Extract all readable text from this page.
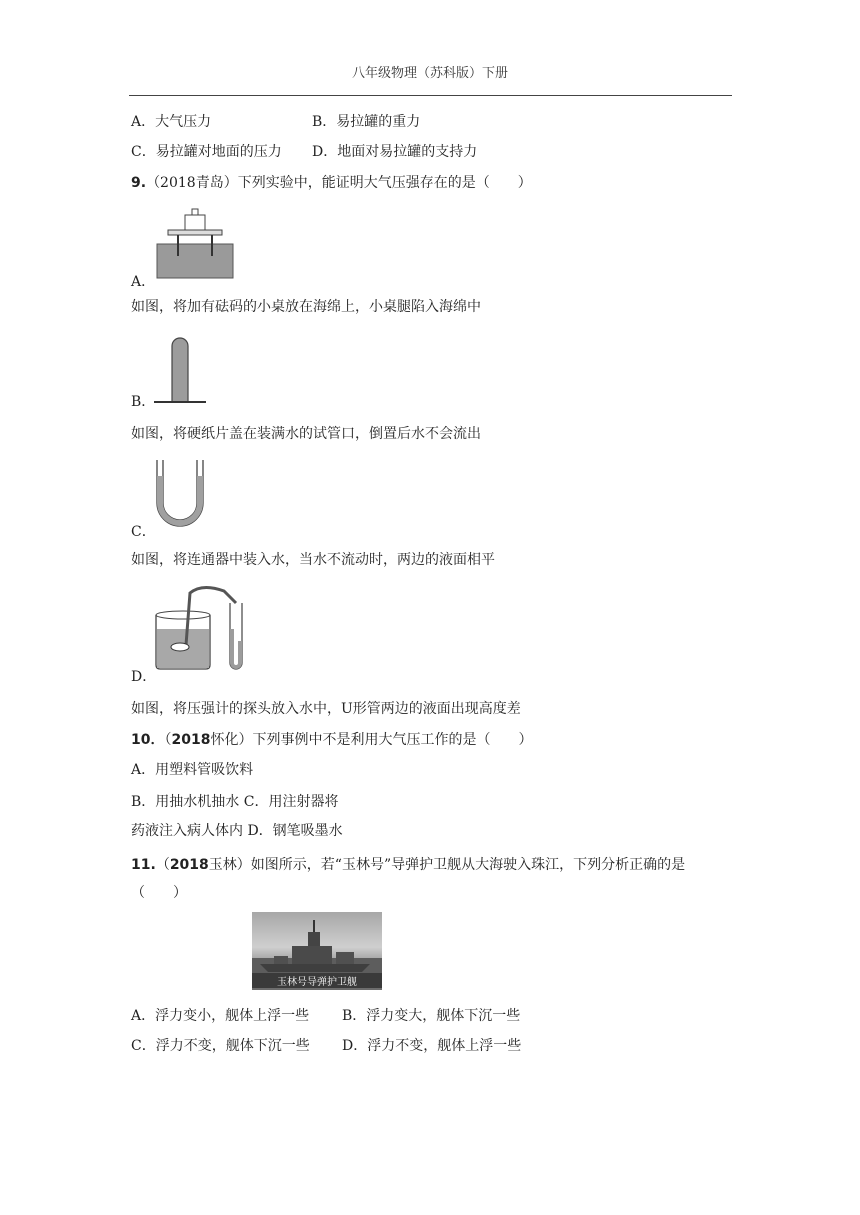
八年级物理（苏科版）下册
A．大气压力	B．易拉罐的重力
C．易拉罐对地面的压力 D．地面对易拉罐的支持力
9.（2018青岛）下列实验中，能证明大气压强存在的是（　　）
A．
如图，将加有砝码的小桌放在海绵上，小桌腿陷入海绵中
B．
如图，将硬纸片盖在装满水的试管口，倒置后水不会流出
C．
如图，将连通器中装入水，当水不流动时，两边的液面相平
D．
如图，将压强计的探头放入水中，U形管两边的液面出现高度差
10．（2018怀化）下列事例中不是利用大气压工作的是（　　）
A．用塑料管吸饮料
B．用抽水机抽水 C．用注射器将
药液注入病人体内 D．钢笔吸墨水
11.（2018玉林）如图所示，若“玉林号”导弹护卫舰从大海驶入珠江，下列分析正确的是
（　　）
玉林号导弹护卫舰
A．浮力变小，舰体上浮一些 B．浮力变大，舰体下沉一些
C．浮力不变，舰体下沉一些 D．浮力不变，舰体上浮一些
